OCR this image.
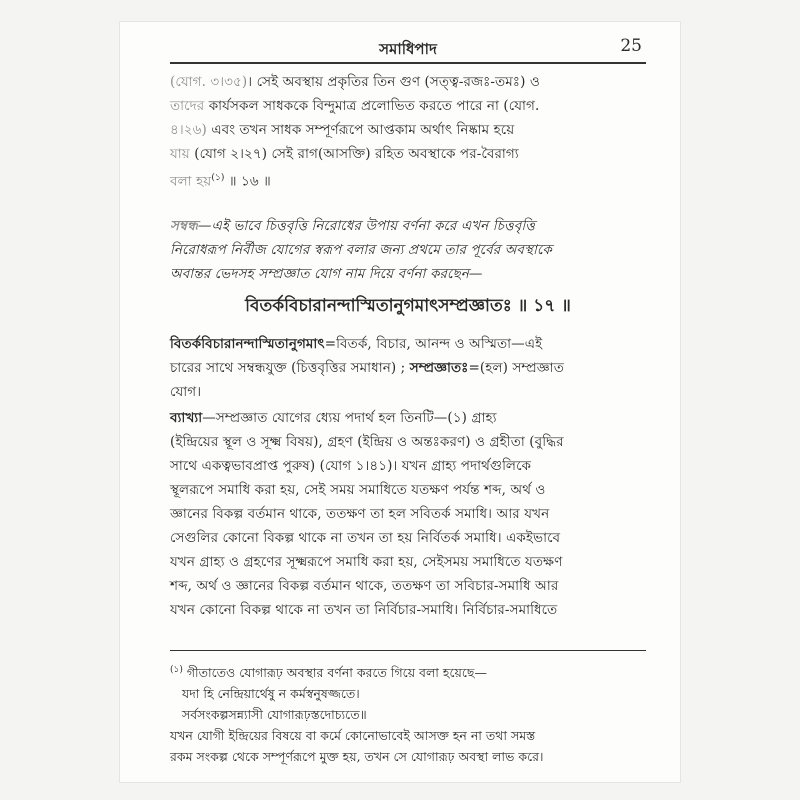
সমাধিপাদ	25

(যোগ. ৩।৩৫)। সেই অবস্থায় প্রকৃতির তিন গুণ (সত্ত্ব-রজঃ-তমঃ) ও

তাদের কার্যসকল সাধককে বিন্দুমাত্র প্রলোভিত করতে পারে না (যোগ.

৪।২৬) এবং তখন সাধক সম্পূর্ণরূপে আপ্তকাম অর্থাৎ নিষ্কাম হয়ে

যায় (যোগ ২।২৭) সেই রাগ(আসক্তি) রহিত অবস্থাকে পর-বৈরাগ্য

বলা হয়$^{(১)}$ ॥ ১৬ ॥

সম্বন্ধ—এই ভাবে চিত্তবৃত্তি নিরোধের উপায় বর্ণনা করে এখন চিত্তবৃত্তি

নিরোধরূপ নির্বীজ যোগের স্বরূপ বলার জন্য প্রথমে তার পূর্বের অবস্থাকে

অবান্তর ভেদসহ সম্প্রজ্ঞাত যোগ নাম দিয়ে বর্ণনা করছেন—

বিতর্কবিচারানন্দাস্মিতানুগমাৎসম্প্রজ্ঞাতঃ ॥ ১৭ ॥

বিতর্কবিচারানন্দাস্মিতানুগমাৎ=বিতর্ক, বিচার, আনন্দ ও অস্মিতা—এই

চারের সাথে সম্বন্ধযুক্ত (চিত্তবৃত্তির সমাধান) ; সম্প্রজ্ঞাতঃ=(হল) সম্প্রজ্ঞাত

যোগ।

ব্যাখ্যা—সম্প্রজ্ঞাত যোগের ধ্যেয় পদার্থ হল তিনটি—(১) গ্রাহ্য

(ইন্দ্রিয়ের স্থূল ও সূক্ষ্ম বিষয়), গ্রহণ (ইন্দ্রিয় ও অন্তঃকরণ) ও গ্রহীতা (বুদ্ধির

সাথে একত্বভাবপ্রাপ্ত পুরুষ) (যোগ ১।৪১)। যখন গ্রাহ্য পদার্থগুলিকে

স্থূলরূপে সমাধি করা হয়, সেই সময় সমাধিতে যতক্ষণ পর্যন্ত শব্দ, অর্থ ও

জ্ঞানের বিকল্প বর্তমান থাকে, ততক্ষণ তা হল সবিতর্ক সমাধি। আর যখন

সেগুলির কোনো বিকল্প থাকে না তখন তা হয় নির্বিতর্ক সমাধি। একইভাবে

যখন গ্রাহ্য ও গ্রহণের সূক্ষ্মরূপে সমাধি করা হয়, সেইসময় সমাধিতে যতক্ষণ

শব্দ, অর্থ ও জ্ঞানের বিকল্প বর্তমান থাকে, ততক্ষণ তা সবিচার-সমাধি আর

যখন কোনো বিকল্প থাকে না তখন তা নির্বিচার-সমাধি। নির্বিচার-সমাধিতে

$^{(১)}$ গীতাতেও যোগারূঢ় অবস্থার বর্ণনা করতে গিয়ে বলা হয়েছে—

যদা হি নেন্দ্রিয়ার্থেষু ন কর্মস্বনুষজ্জতে।

সর্বসংকল্পসন্ন্যাসী যোগারূঢ়স্তদোচ্যতে॥

যখন যোগী ইন্দ্রিয়ের বিষয়ে বা কর্মে কোনোভাবেই আসক্ত হন না তথা সমস্ত

রকম সংকল্প থেকে সম্পূর্ণরূপে মুক্ত হয়, তখন সে যোগারূঢ় অবস্থা লাভ করে।
